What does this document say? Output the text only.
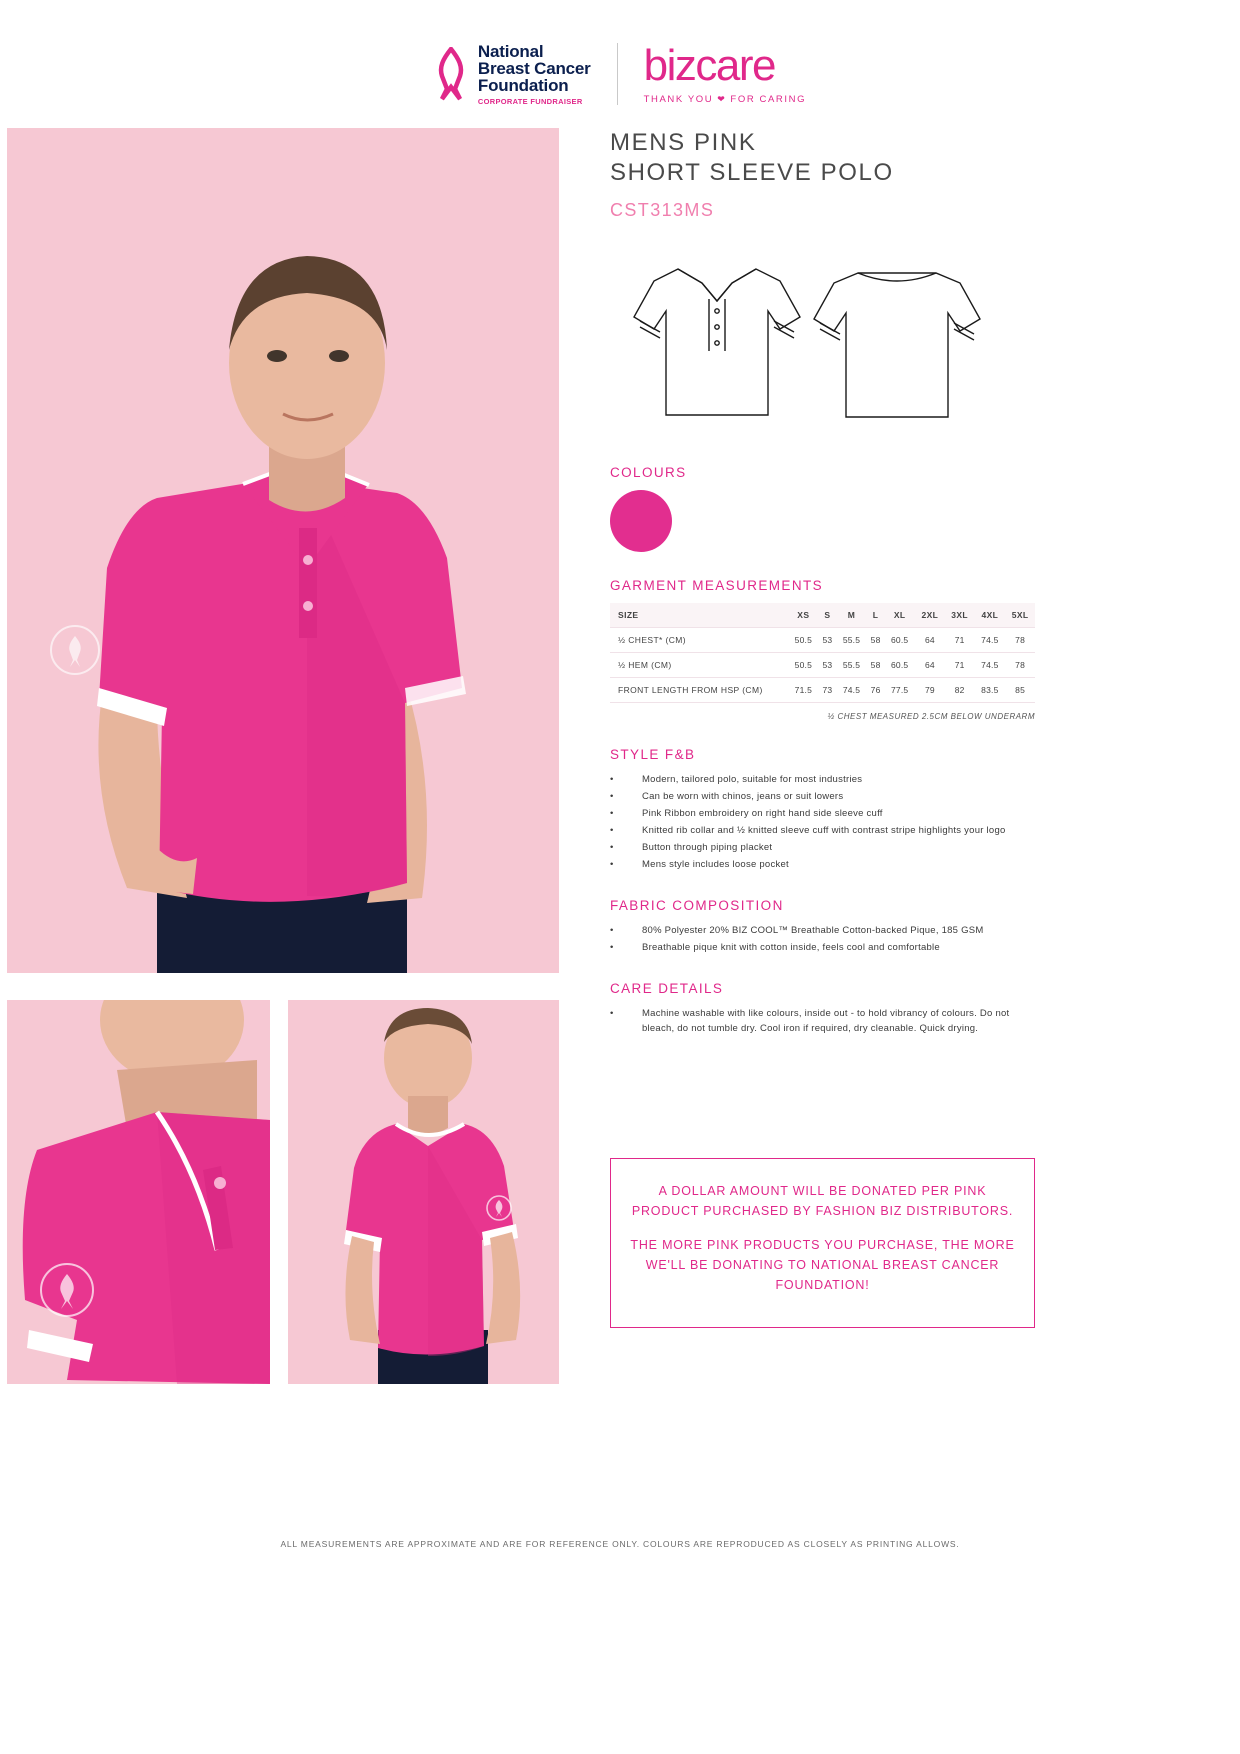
National
Breast Cancer
Foundation
CORPORATE FUNDRAISER
bizcare
THANK YOU ❤ FOR CARING
MENS PINK
SHORT SLEEVE POLO
CST313MS
COLOURS
GARMENT MEASUREMENTS
SIZE	XS	S	M	L	XL	2XL	3XL	4XL	5XL
½ CHEST* (CM)	50.5	53	55.5	58	60.5	64	71	74.5	78
½ HEM (CM)	50.5	53	55.5	58	60.5	64	71	74.5	78
FRONT LENGTH FROM HSP (CM)	71.5	73	74.5	76	77.5	79	82	83.5	85
½ CHEST MEASURED 2.5CM BELOW UNDERARM
STYLE F&B
•	Modern, tailored polo, suitable for most industries
•	Can be worn with chinos, jeans or suit lowers
•	Pink Ribbon embroidery on right hand side sleeve cuff
•	Knitted rib collar and ½ knitted sleeve cuff with contrast stripe highlights your logo
•	Button through piping placket
•	Mens style includes loose pocket
FABRIC COMPOSITION
•	80% Polyester 20% BIZ COOL™ Breathable Cotton-backed Pique, 185 GSM
•	Breathable pique knit with cotton inside, feels cool and comfortable
CARE DETAILS
•	Machine washable with like colours, inside out - to hold vibrancy of colours. Do not bleach, do not tumble dry. Cool iron if required, dry cleanable. Quick drying.

A DOLLAR AMOUNT WILL BE DONATED PER PINK PRODUCT PURCHASED BY FASHION BIZ DISTRIBUTORS.

THE MORE PINK PRODUCTS YOU PURCHASE, THE MORE WE'LL BE DONATING TO NATIONAL BREAST CANCER FOUNDATION!

ALL MEASUREMENTS ARE APPROXIMATE AND ARE FOR REFERENCE ONLY. COLOURS ARE REPRODUCED AS CLOSELY AS PRINTING ALLOWS.
